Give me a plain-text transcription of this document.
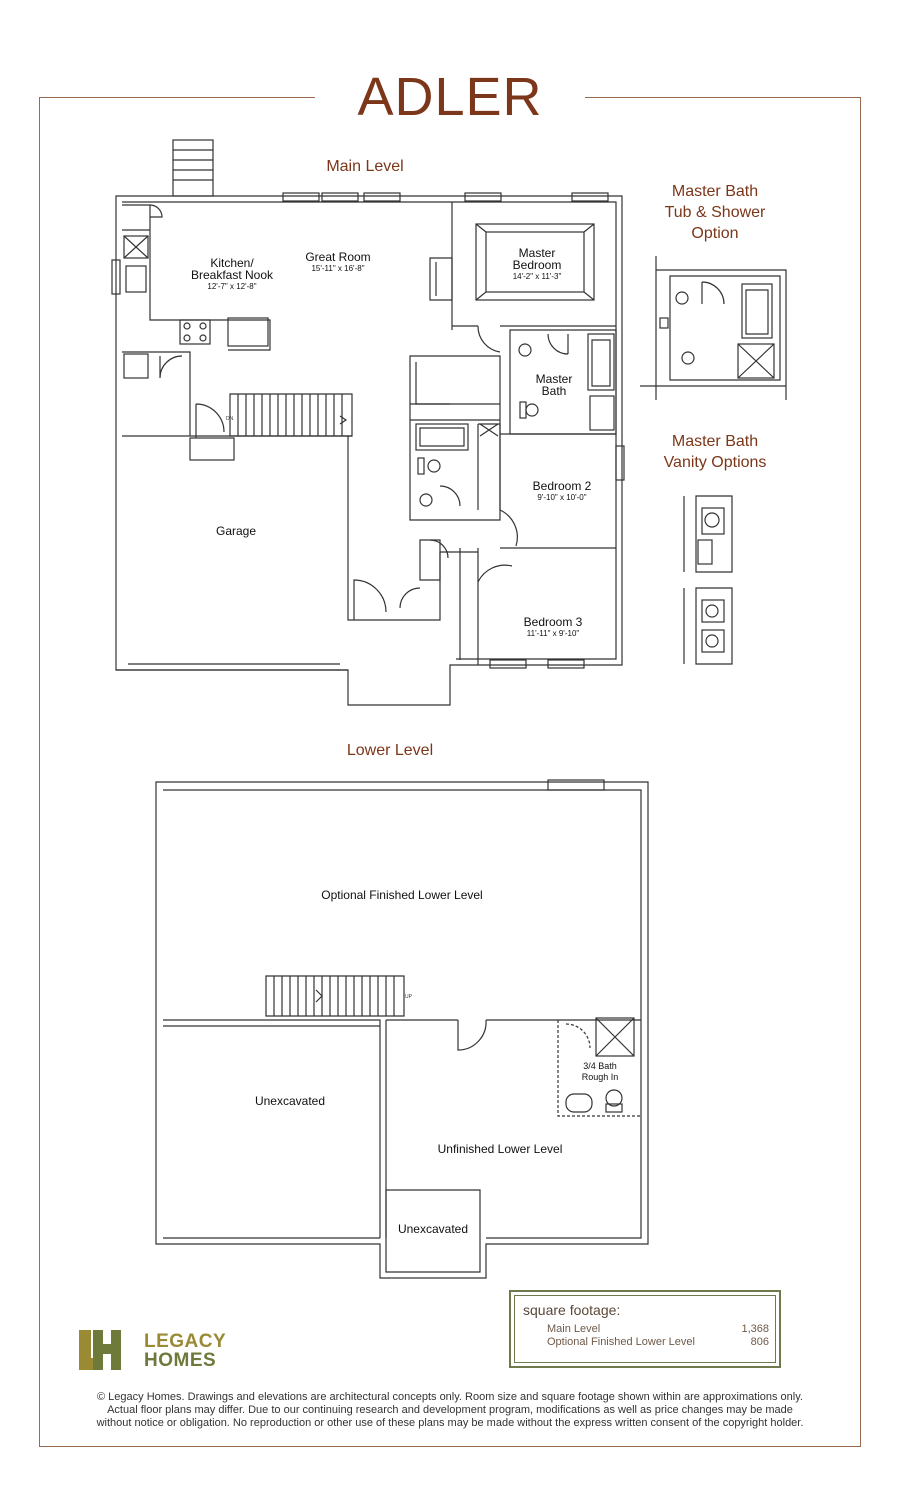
ADLER
Main Level
Lower Level
Master Bath
Tub & Shower
Option
Master Bath
Vanity Options
DN
UP
Kitchen/
Breakfast Nook
12'-7" x 12'-8"
Great Room
15'-11" x 16'-8"
Master
Bedroom
14'-2" x 11'-3"
Master
Bath
Bedroom 2
9'-10" x 10'-0"
Bedroom 3
11'-11" x 9'-10"
Garage
Optional Finished Lower Level
Unexcavated
3/4 Bath
Rough In
Unfinished Lower Level
Unexcavated
square footage:
Main Level	1,368
Optional Finished Lower Level	806
LEGACY
HOMES
© Legacy Homes. Drawings and elevations are architectural concepts only. Room size and square footage shown within are approximations only.
Actual floor plans may differ. Due to our continuing research and development program, modifications as well as price changes may be made
without notice or obligation. No reproduction or other use of these plans may be made without the express written consent of the copyright holder.
